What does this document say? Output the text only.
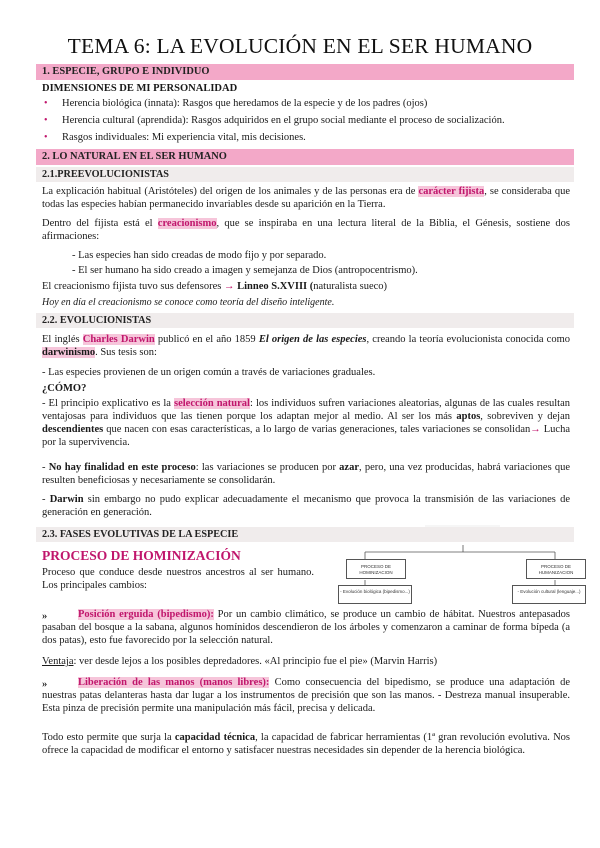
TEMA 6: LA EVOLUCIÓN EN EL SER HUMANO
1. ESPECIE, GRUPO E INDIVIDUO
DIMENSIONES DE MI PERSONALIDAD
• Herencia biológica (innata): Rasgos que heredamos de la especie y de los padres (ojos)
• Herencia cultural (aprendida): Rasgos adquiridos en el grupo social mediante el proceso de socialización.
• Rasgos individuales: Mi experiencia vital, mis decisiones.
2. LO NATURAL EN EL SER HUMANO
2.1.PREEVOLUCIONISTAS
La explicación habitual (Aristóteles) del origen de los animales y de las personas era de carácter fijista, se consideraba que todas las especies habían permanecido invariables desde su aparición en la Tierra.
Dentro del fijista está el creacionismo, que se inspiraba en una lectura literal de la Biblia, el Génesis, sostiene dos afirmaciones:
- Las especies han sido creadas de modo fijo y por separado.
- El ser humano ha sido creado a imagen y semejanza de Dios (antropocentrismo).
El creacionismo fijista tuvo sus defensores → Linneo S.XVIII (naturalista sueco)
Hoy en día el creacionismo se conoce como teoría del diseño inteligente.
2.2. EVOLUCIONISTAS
El inglés Charles Darwin publicó en el año 1859 El origen de las especies, creando la teoría evolucionista conocida como darwinismo. Sus tesis son:
- Las especies provienen de un origen común a través de variaciones graduales.
¿CÓMO?
- El principio explicativo es la selección natural: los individuos sufren variaciones aleatorias, algunas de las cuales resultan ventajosas para individuos que las tienen porque los adaptan mejor al medio. Al ser los más aptos, sobreviven y dejan descendientes que nacen con esas características, a lo largo de varias generaciones, tales variaciones se consolidan→ Lucha por la supervivencia.
- No hay finalidad en este proceso: las variaciones se producen por azar, pero, una vez producidas, habrá variaciones que resulten beneficiosas y necesariamente se consolidarán.
- Darwin sin embargo no pudo explicar adecuadamente el mecanismo que provoca la transmisión de las variaciones de generación en generación.
2.3. FASES EVOLUTIVAS DE LA ESPECIE
PROCESO DE HOMINIZACIÓN
Proceso que conduce desde nuestros ancestros al ser humano. Los principales cambios:
PROCESO DE HOMINIZACION
PROCESO DE HUMANIZACION
- Evolución biológica (bipedismo...)	- Evolución cultural (lenguaje...)
»	Posición erguida (bipedismo): Por un cambio climático, se produce un cambio de hábitat. Nuestros antepasados pasaban del bosque a la sabana, algunos homínidos descendieron de los árboles y comenzaron a caminar de forma bípeda (a dos patas), esto fue favorecido por la selección natural.
Ventaja: ver desde lejos a los posibles depredadores. «Al principio fue el pie» (Marvin Harris)
»	Liberación de las manos (manos libres): Como consecuencia del bipedismo, se produce una adaptación de nuestras patas delanteras hasta dar lugar a los instrumentos de precisión que son las manos. - Destreza manual insuperable. Esta pinza de precisión permite una manipulación más fácil, precisa y delicada.
Todo esto permite que surja la capacidad técnica, la capacidad de fabricar herramientas (1ª gran revolución evolutiva. Nos ofrece la capacidad de modificar el entorno y satisfacer nuestras necesidades sin depender de la herencia biológica.
